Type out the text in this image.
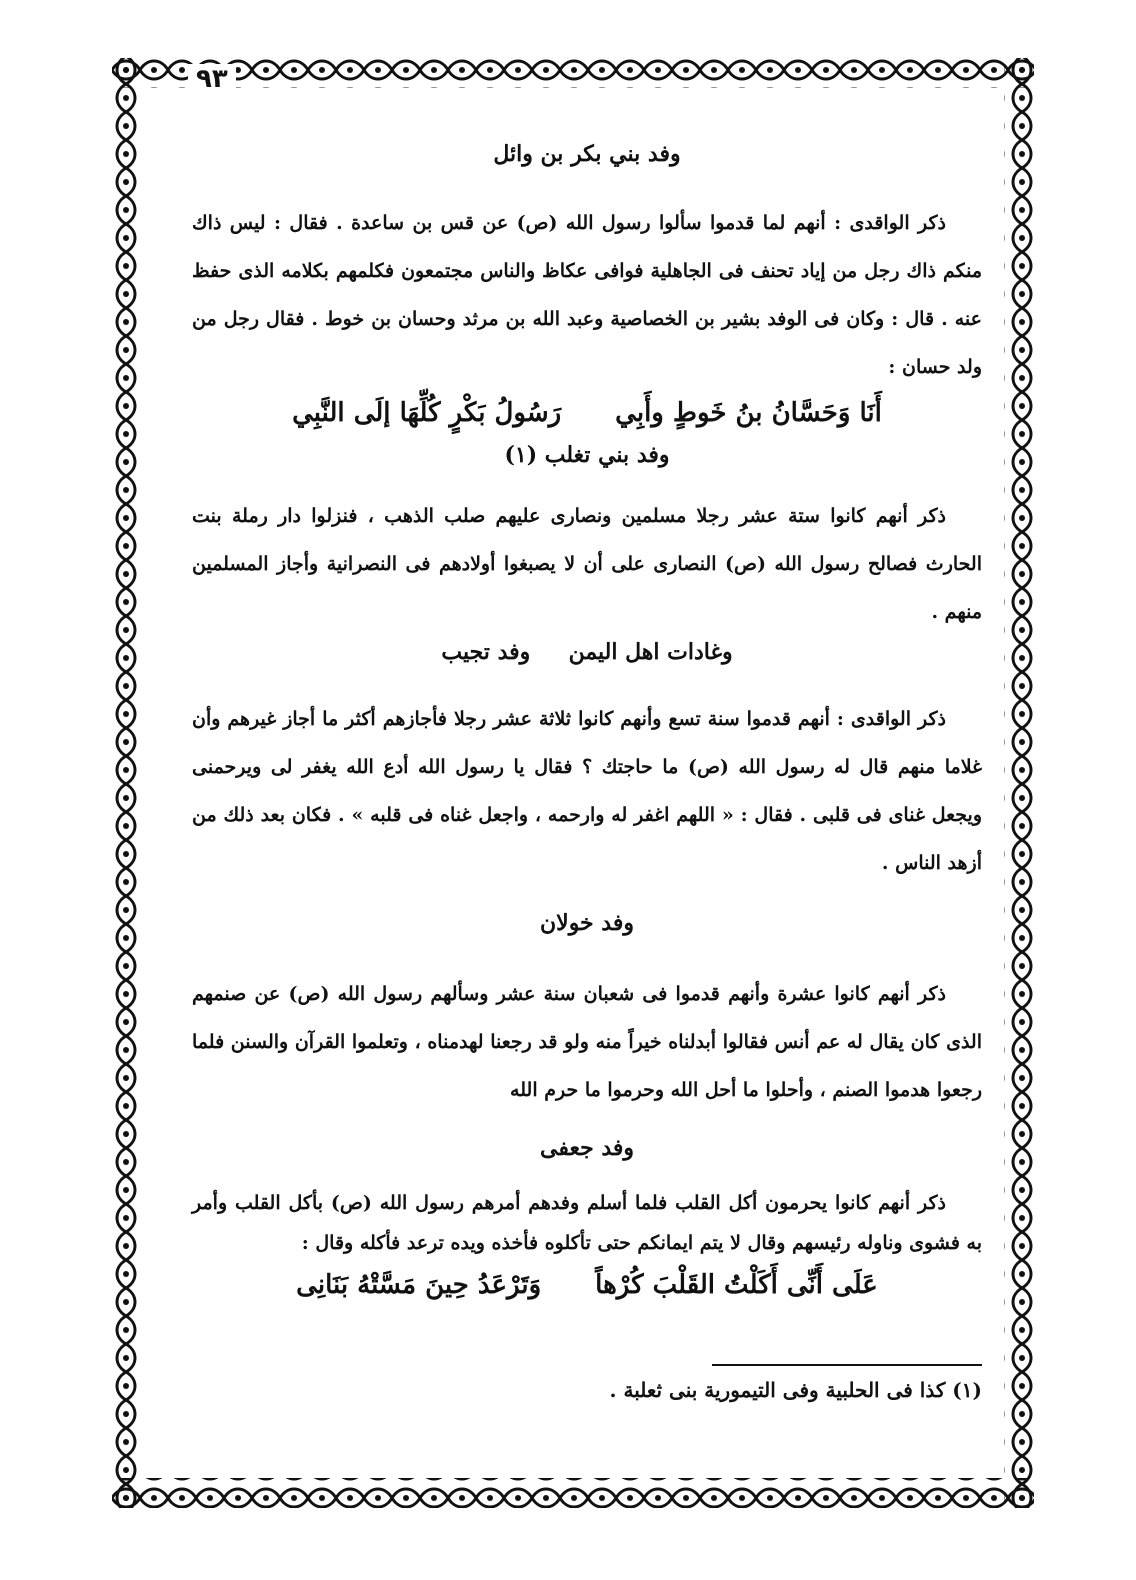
٩٣
وفد بني بكر بن وائل

ذكر الواقدى : أنهم لما قدموا سألوا رسول الله (ص) عن قس بن ساعدة . فقال : ليس ذاك منكم ذاك رجل من إياد تحنف فى الجاهلية فوافى عكاظ والناس مجتمعون فكلمهم بكلامه الذى حفظ عنه . قال : وكان فى الوفد بشير بن الخصاصية وعبد الله بن مرثد وحسان بن خوط . فقال رجل من ولد حسان :

أَنَا وَحَسَّانُ بنُ خَوطٍ وأَبِي
رَسُولُ بَكْرٍ كُلِّهَا إلَى النَّبِي
وفد بني تغلب (١)

ذكر أنهم كانوا ستة عشر رجلا مسلمين ونصارى عليهم صلب الذهب ، فنزلوا دار رملة بنت الحارث فصالح رسول الله (ص) النصارى على أن لا يصبغوا أولادهم فى النصرانية وأجاز المسلمين منهم .

وغادات اهل اليمن     وفد تجيب

ذكر الواقدى : أنهم قدموا سنة تسع وأنهم كانوا ثلاثة عشر رجلا فأجازهم أكثر ما أجاز غيرهم وأن غلاما منهم قال له رسول الله (ص) ما حاجتك ؟ فقال يا رسول الله أدع الله يغفر لى ويرحمنى ويجعل غناى فى قلبى . فقال : « اللهم اغفر له وارحمه ، واجعل غناه فى قلبه » . فكان بعد ذلك من أزهد الناس .

وفد خولان

ذكر أنهم كانوا عشرة وأنهم قدموا فى شعبان سنة عشر وسألهم رسول الله (ص) عن صنمهم الذى كان يقال له عم أنس فقالوا أبدلناه خيراً منه ولو قد رجعنا لهدمناه ، وتعلموا القرآن والسنن فلما رجعوا هدموا الصنم ، وأحلوا ما أحل الله وحرموا ما حرم الله

وفد جعفى

ذكر أنهم كانوا يحرمون أكل القلب فلما أسلم وفدهم أمرهم رسول الله (ص) بأكل القلب وأمر به فشوى وناوله رئيسهم وقال لا يتم ايمانكم حتى تأكلوه فأخذه ويده ترعد فأكله وقال :

عَلَى أَنِّى أَكَلْتُ القَلْبَ كُرْهاً
وَتَرْعَدُ حِينَ مَسَّتْهُ بَنَانِى
(١) كذا فى الحلبية وفى التيمورية بنى ثعلبة .
